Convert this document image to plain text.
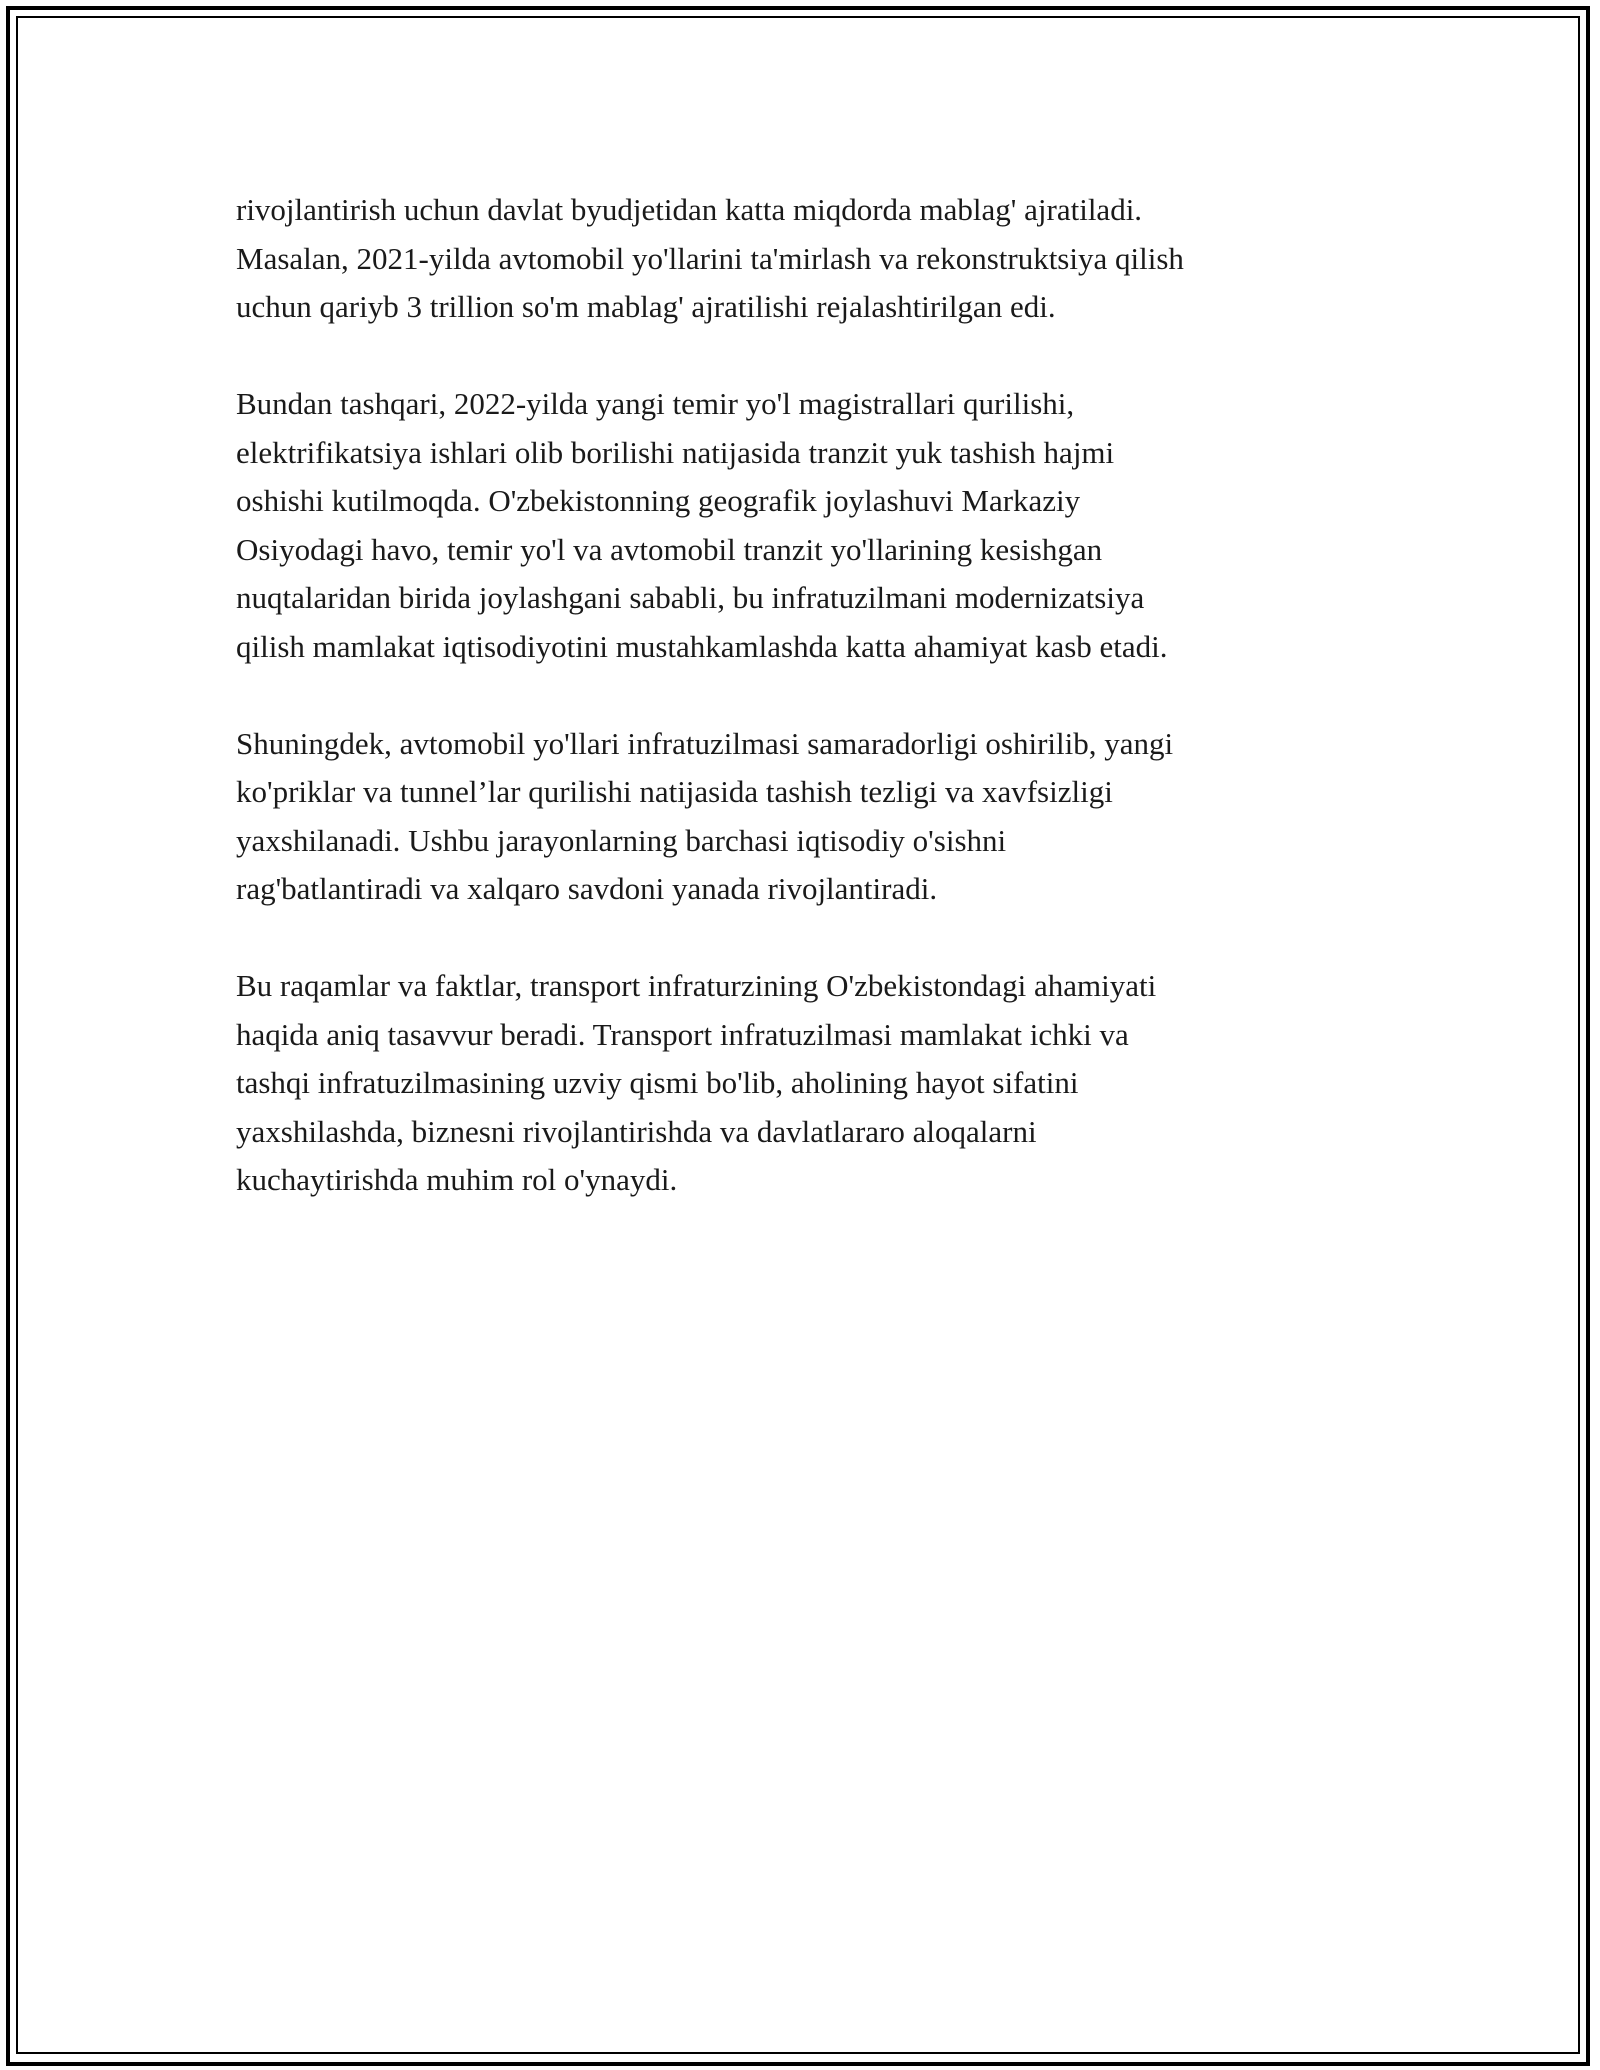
rivojlantirish uchun davlat byudjetidan katta miqdorda mablag' ajratiladi.
Masalan, 2021-yilda avtomobil yo'llarini ta'mirlash va rekonstruktsiya qilish
uchun qariyb 3 trillion so'm mablag' ajratilishi rejalashtirilgan edi.
Bundan tashqari, 2022-yilda yangi temir yo'l magistrallari qurilishi,
elektrifikatsiya ishlari olib borilishi natijasida tranzit yuk tashish hajmi
oshishi kutilmoqda. O'zbekistonning geografik joylashuvi Markaziy
Osiyodagi havo, temir yo'l va avtomobil tranzit yo'llarining kesishgan
nuqtalaridan birida joylashgani sababli, bu infratuzilmani modernizatsiya
qilish mamlakat iqtisodiyotini mustahkamlashda katta ahamiyat kasb etadi.
Shuningdek, avtomobil yo'llari infratuzilmasi samaradorligi oshirilib, yangi
ko'priklar va tunnel’lar qurilishi natijasida tashish tezligi va xavfsizligi
yaxshilanadi. Ushbu jarayonlarning barchasi iqtisodiy o'sishni
rag'batlantiradi va xalqaro savdoni yanada rivojlantiradi.
Bu raqamlar va faktlar, transport infraturzining O'zbekistondagi ahamiyati
haqida aniq tasavvur beradi. Transport infratuzilmasi mamlakat ichki va
tashqi infratuzilmasining uzviy qismi bo'lib, aholining hayot sifatini
yaxshilashda, biznesni rivojlantirishda va davlatlararo aloqalarni
kuchaytirishda muhim rol o'ynaydi.
